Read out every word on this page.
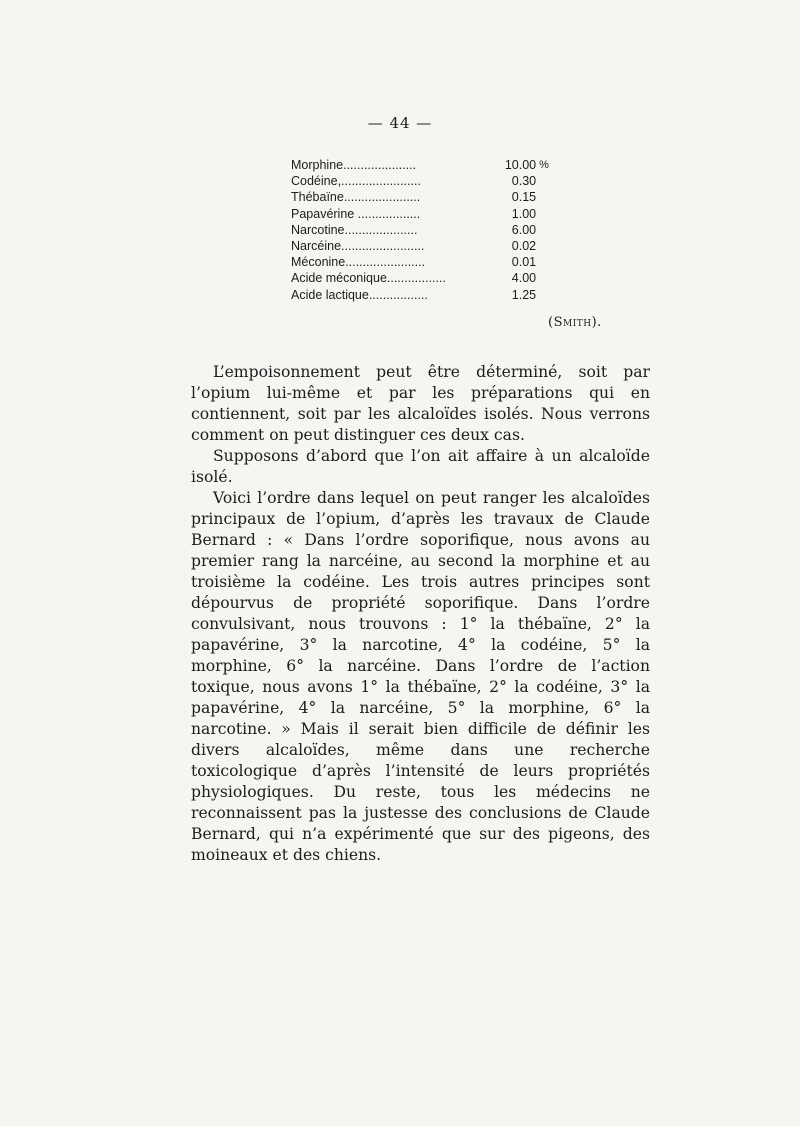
— 44 —
Morphine.....................	10.00 %
Codéine,.......................	0.30
Thébaïne......................	0.15
Papavérine ..................	1.00
Narcotine.....................	6.00
Narcéine........................	0.02
Méconine.......................	0.01
Acide méconique.................	4.00
Acide lactique.................	1.25
(Smith).

L’empoisonnement peut être déterminé, soit par l’opium lui-même et par les préparations qui en contiennent, soit par les alcaloïdes isolés. Nous verrons comment on peut distinguer ces deux cas.

Supposons d’abord que l’on ait affaire à un alcaloïde isolé.

Voici l’ordre dans lequel on peut ranger les alcaloïdes principaux de l’opium, d’après les travaux de Claude Bernard : « Dans l’ordre soporifique, nous avons au premier rang la narcéine, au second la morphine et au troisième la codéine. Les trois autres principes sont dépourvus de propriété soporifique. Dans l’ordre convulsivant, nous trouvons : 1° la thébaïne, 2° la papavérine, 3° la narcotine, 4° la codéine, 5° la morphine, 6° la narcéine. Dans l’ordre de l’action toxique, nous avons 1° la thébaïne, 2° la codéine, 3° la papavérine, 4° la narcéine, 5° la morphine, 6° la narcotine. » Mais il serait bien difficile de définir les divers alcaloïdes, même dans une recherche toxicologique d’après l’intensité de leurs propriétés physiologiques. Du reste, tous les médecins ne reconnaissent pas la justesse des conclusions de Claude Bernard, qui n’a expérimenté que sur des pigeons, des moineaux et des chiens.
